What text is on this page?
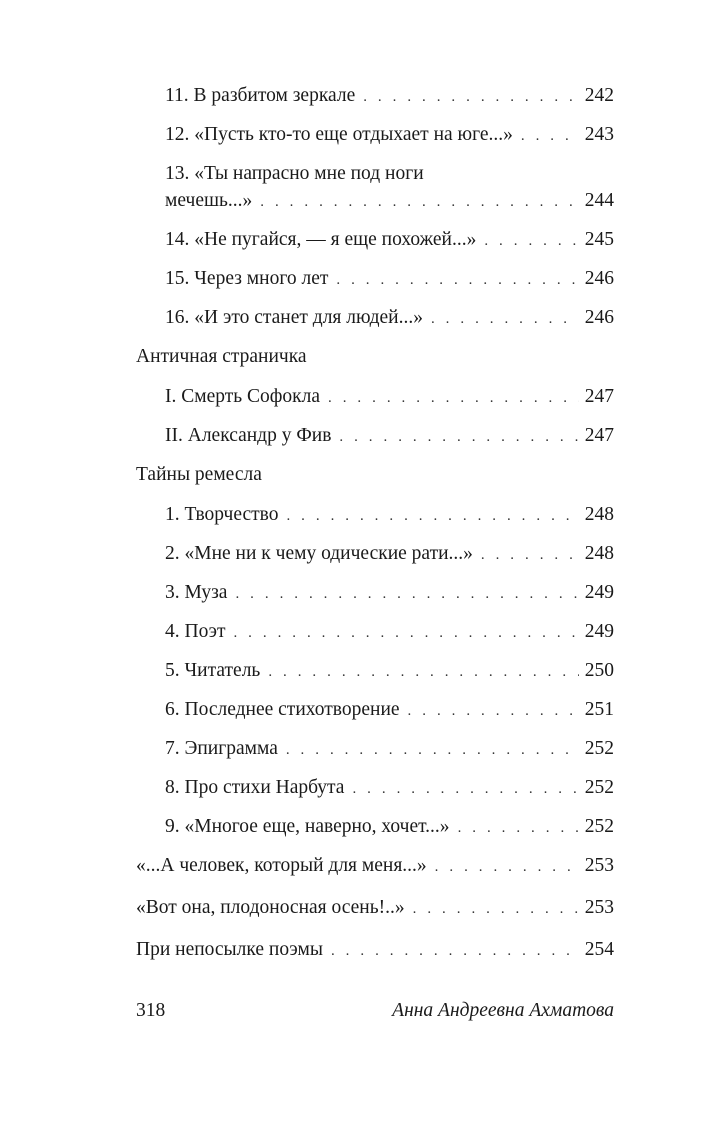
11. В разбитом зеркале . . .	242
12. «Пусть кто-то еще отдыхает на юге...» . . .	243
13. «Ты напрасно мне под ноги
мечешь...» . . .	244
14. «Не пугайся, — я еще похожей...» . . .	245
15. Через много лет . . .	246
16. «И это станет для людей...» . . .	246
Античная страничка
I. Смерть Софокла . . .	247
II. Александр у Фив . . .	247
Тайны ремесла
1. Творчество . . .	248
2. «Мне ни к чему одические рати...» . . .	248
3. Муза . . .	249
4. Поэт . . .	249
5. Читатель . . .	250
6. Последнее стихотворение . . .	251
7. Эпиграмма . . .	252
8. Про стихи Нарбута . . .	252
9. «Многое еще, наверно, хочет...» . . .	252
«...А человек, который для меня...» . . .	253
«Вот она, плодоносная осень!..» . . .	253
При непосылке поэмы . . .	254
318	Анна Андреевна Ахматова
